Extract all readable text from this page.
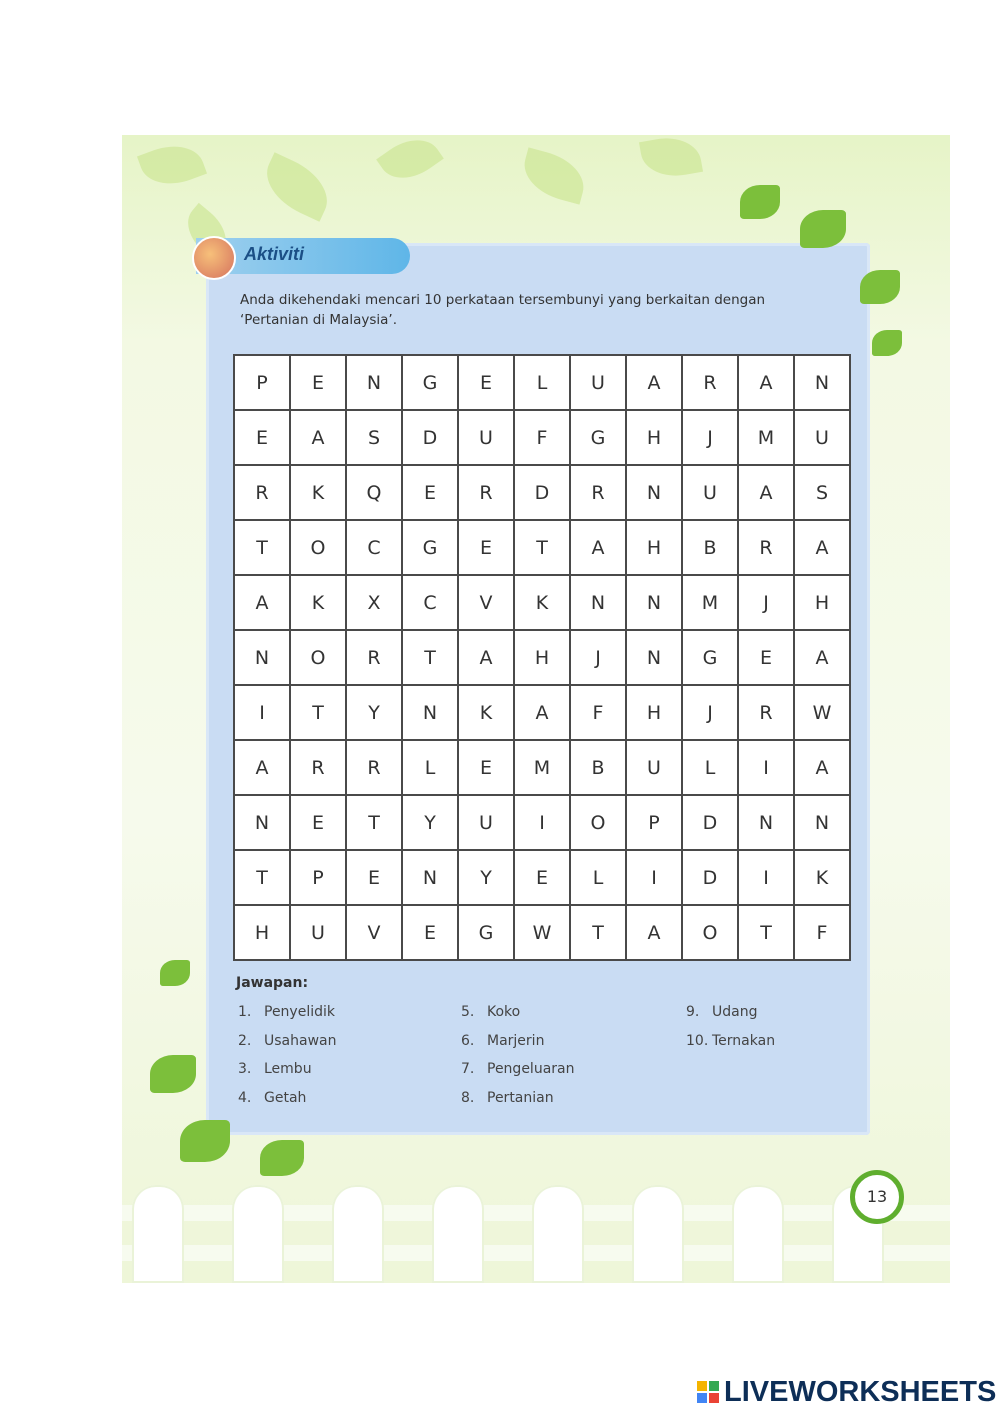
Aktiviti
Anda dikehendaki mencari 10 perkataan tersembunyi yang berkaitan dengan
‘Pertanian di Malaysia’.
P	E	N	G	E	L	U	A	R	A	N
E	A	S	D	U	F	G	H	J	M	U
R	K	Q	E	R	D	R	N	U	A	S
T	O	C	G	E	T	A	H	B	R	A
A	K	X	C	V	K	N	N	M	J	H
N	O	R	T	A	H	J	N	G	E	A
I	T	Y	N	K	A	F	H	J	R	W
A	R	R	L	E	M	B	U	L	I	A
N	E	T	Y	U	I	O	P	D	N	N
T	P	E	N	Y	E	L	I	D	I	K
H	U	V	E	G	W	T	A	O	T	F
Jawapan:
1. Penyelidik
2. Usahawan
3. Lembu
4. Getah
5. Koko
6. Marjerin
7. Pengeluaran
8. Pertanian
9. Udang
10. Ternakan
13
LIVEWORKSHEETS
